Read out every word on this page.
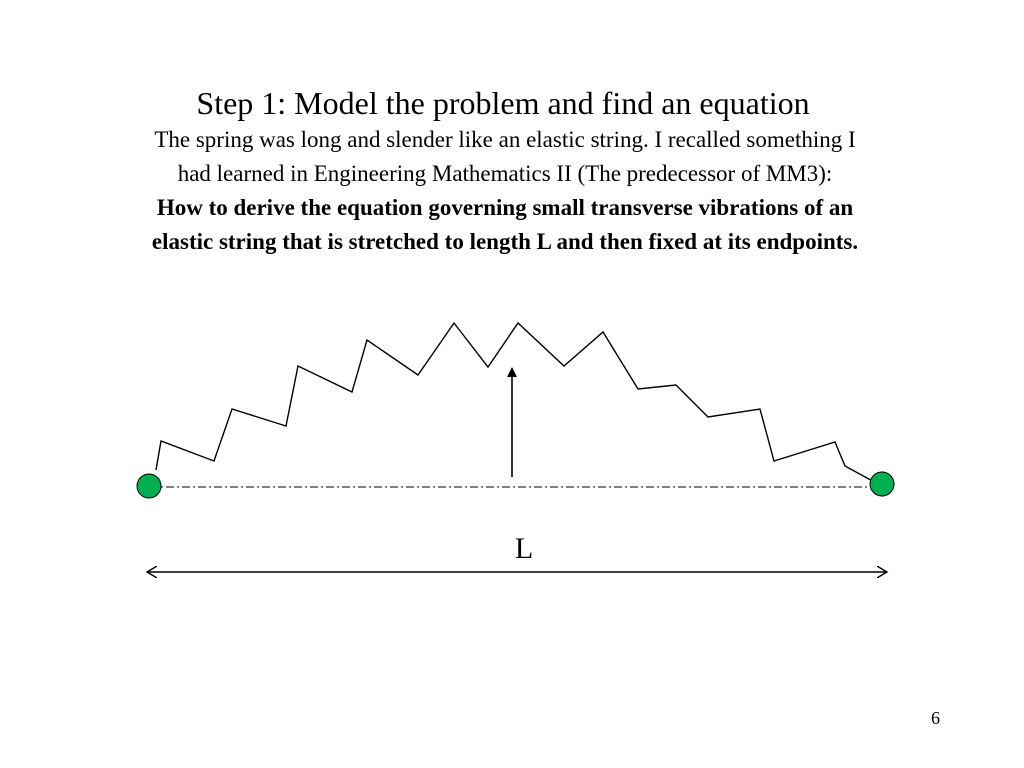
Step 1: Model the problem and find an equation

The spring was long and slender like an elastic string. I recalled something I
had learned in Engineering Mathematics II (The predecessor of MM3):

How to derive the equation governing small transverse vibrations of an
elastic string that is stretched to length L and then fixed at its endpoints.

L
6
